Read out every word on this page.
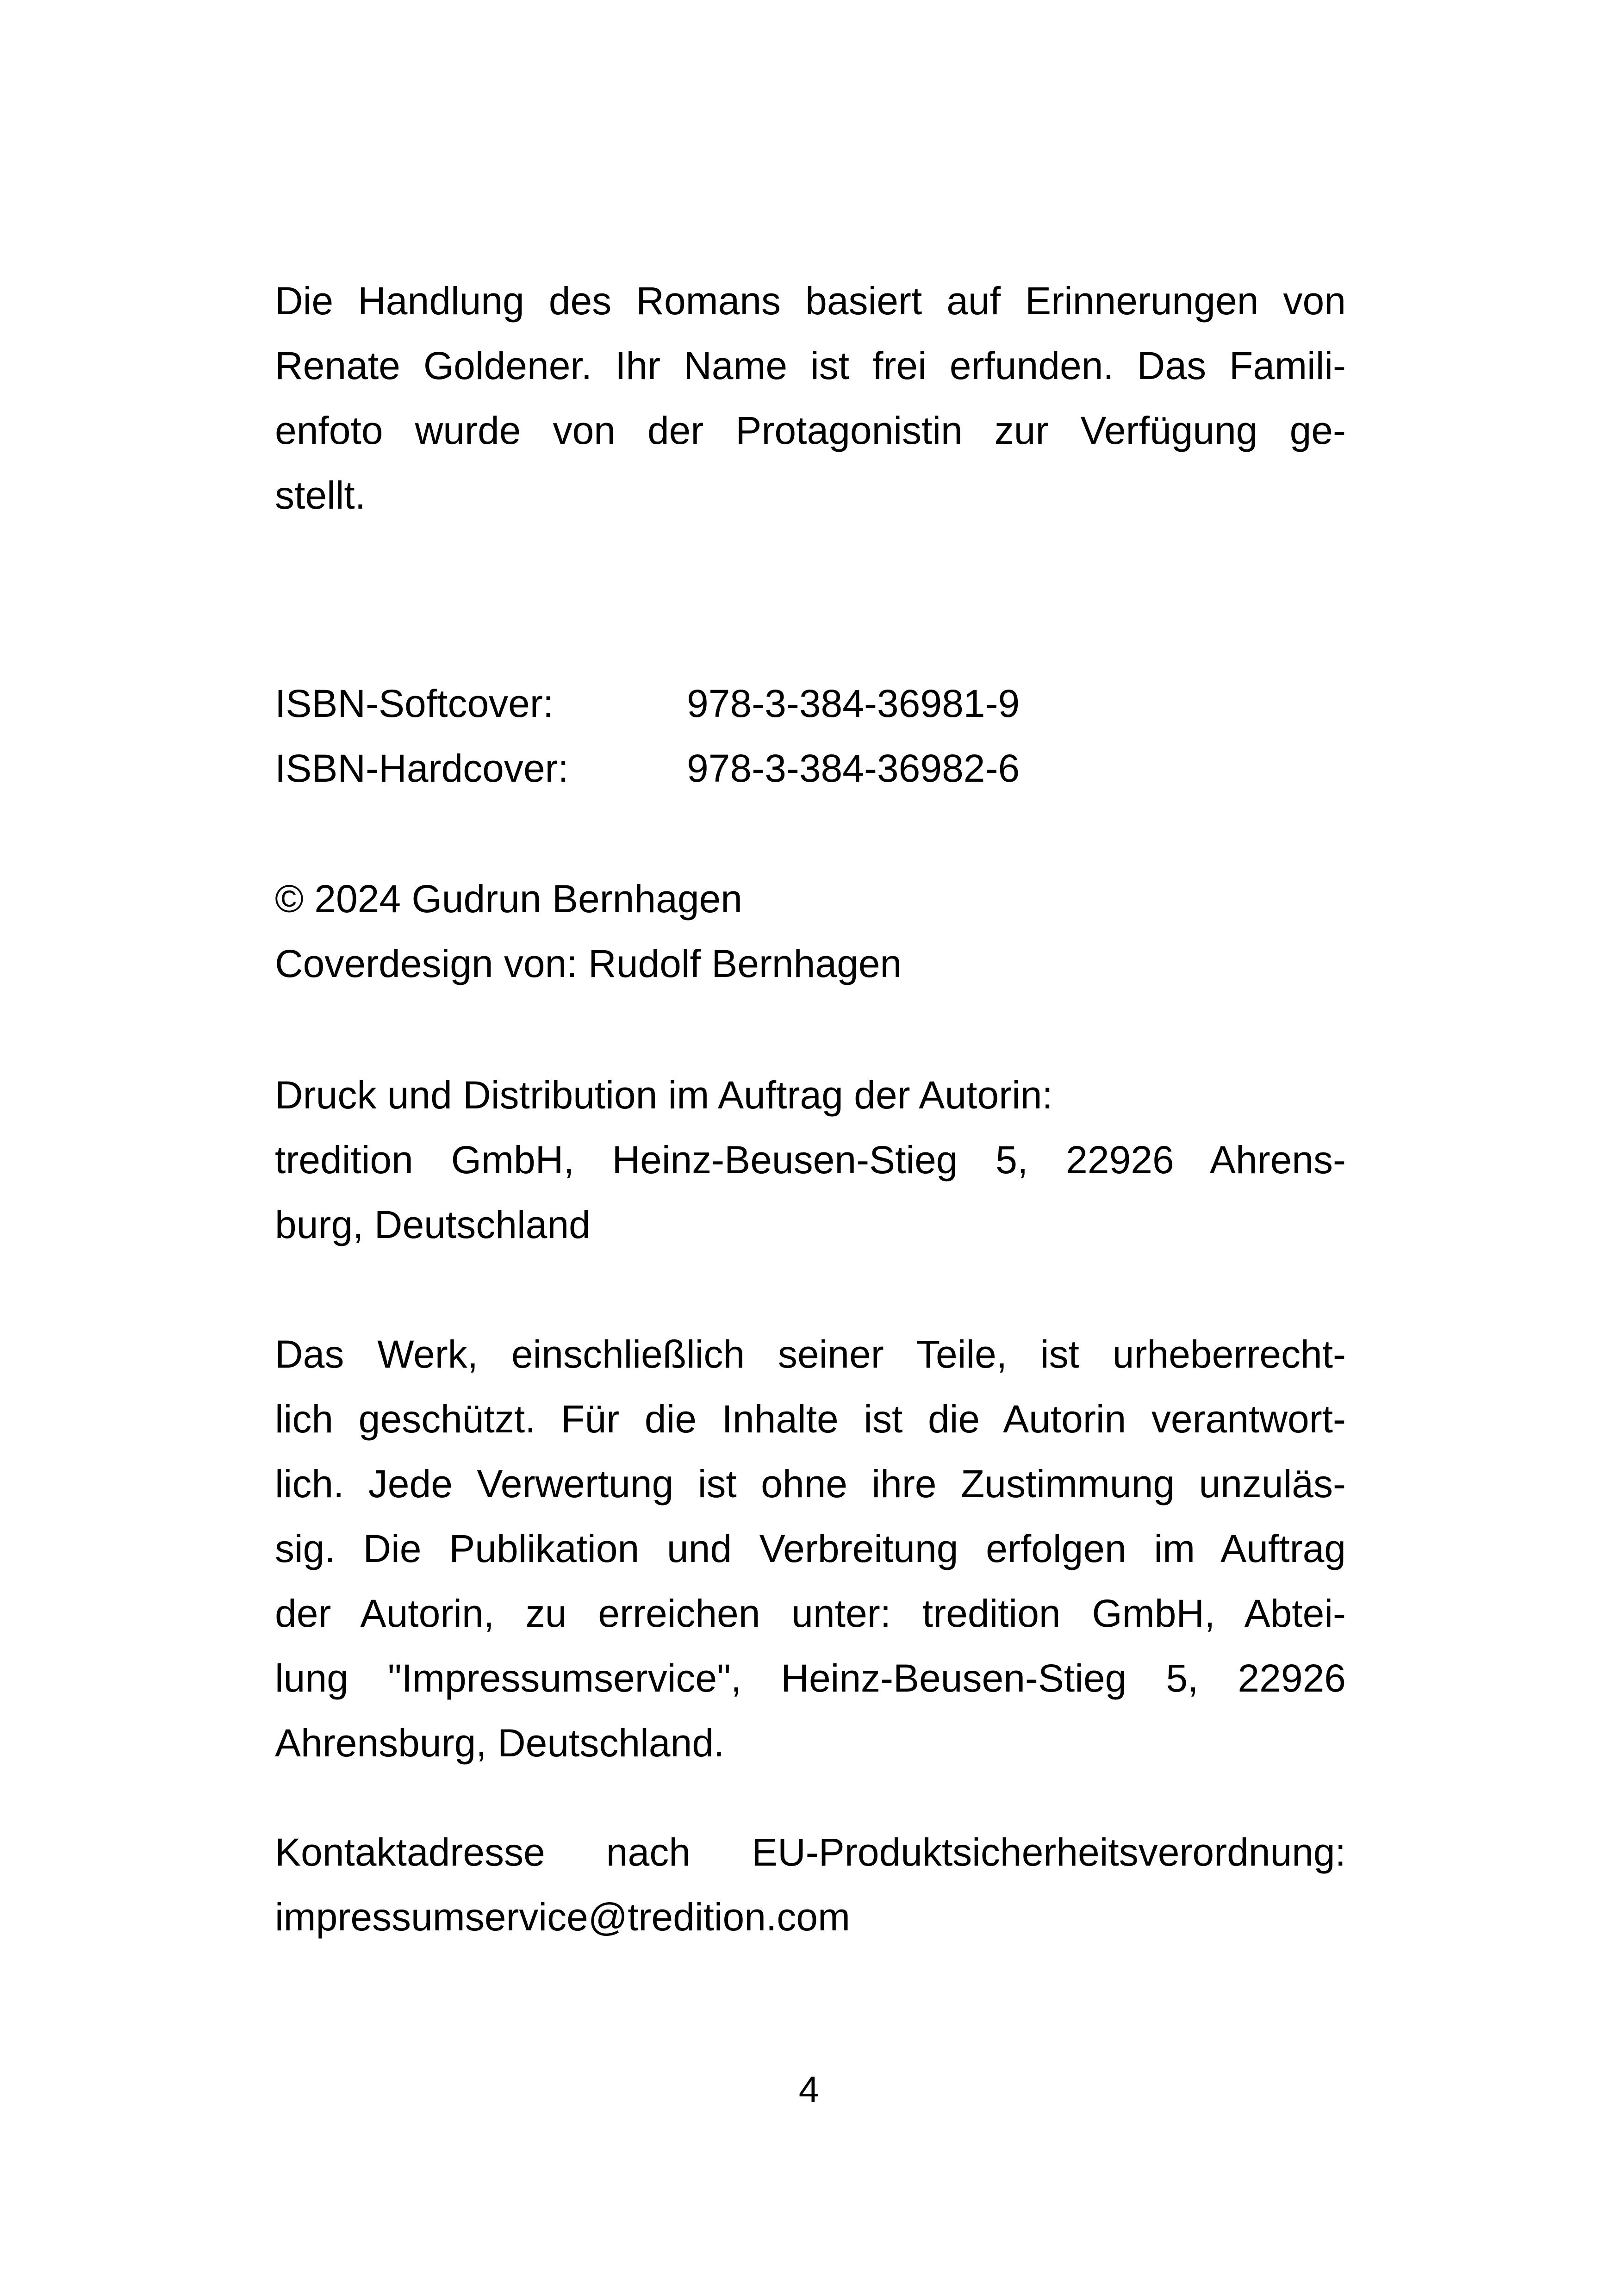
Die Handlung des Romans basiert auf Erinnerungen von
Renate Goldener. Ihr Name ist frei erfunden. Das Famili-
enfoto wurde von der Protagonistin zur Verfügung ge-
stellt.
ISBN-Softcover:	978-3-384-36981-9
ISBN-Hardcover:	978-3-384-36982-6
© 2024 Gudrun Bernhagen
Coverdesign von: Rudolf Bernhagen
Druck und Distribution im Auftrag der Autorin:
tredition GmbH, Heinz-Beusen-Stieg 5, 22926 Ahrens-
burg, Deutschland
Das Werk, einschließlich seiner Teile, ist urheberrecht-
lich geschützt. Für die Inhalte ist die Autorin verantwort-
lich. Jede Verwertung ist ohne ihre Zustimmung unzuläs-
sig. Die Publikation und Verbreitung erfolgen im Auftrag
der Autorin, zu erreichen unter: tredition GmbH, Abtei-
lung "Impressumservice", Heinz-Beusen-Stieg 5, 22926
Ahrensburg, Deutschland.
Kontaktadresse nach EU-Produktsicherheitsverordnung:
impressumservice@tredition.com
4
